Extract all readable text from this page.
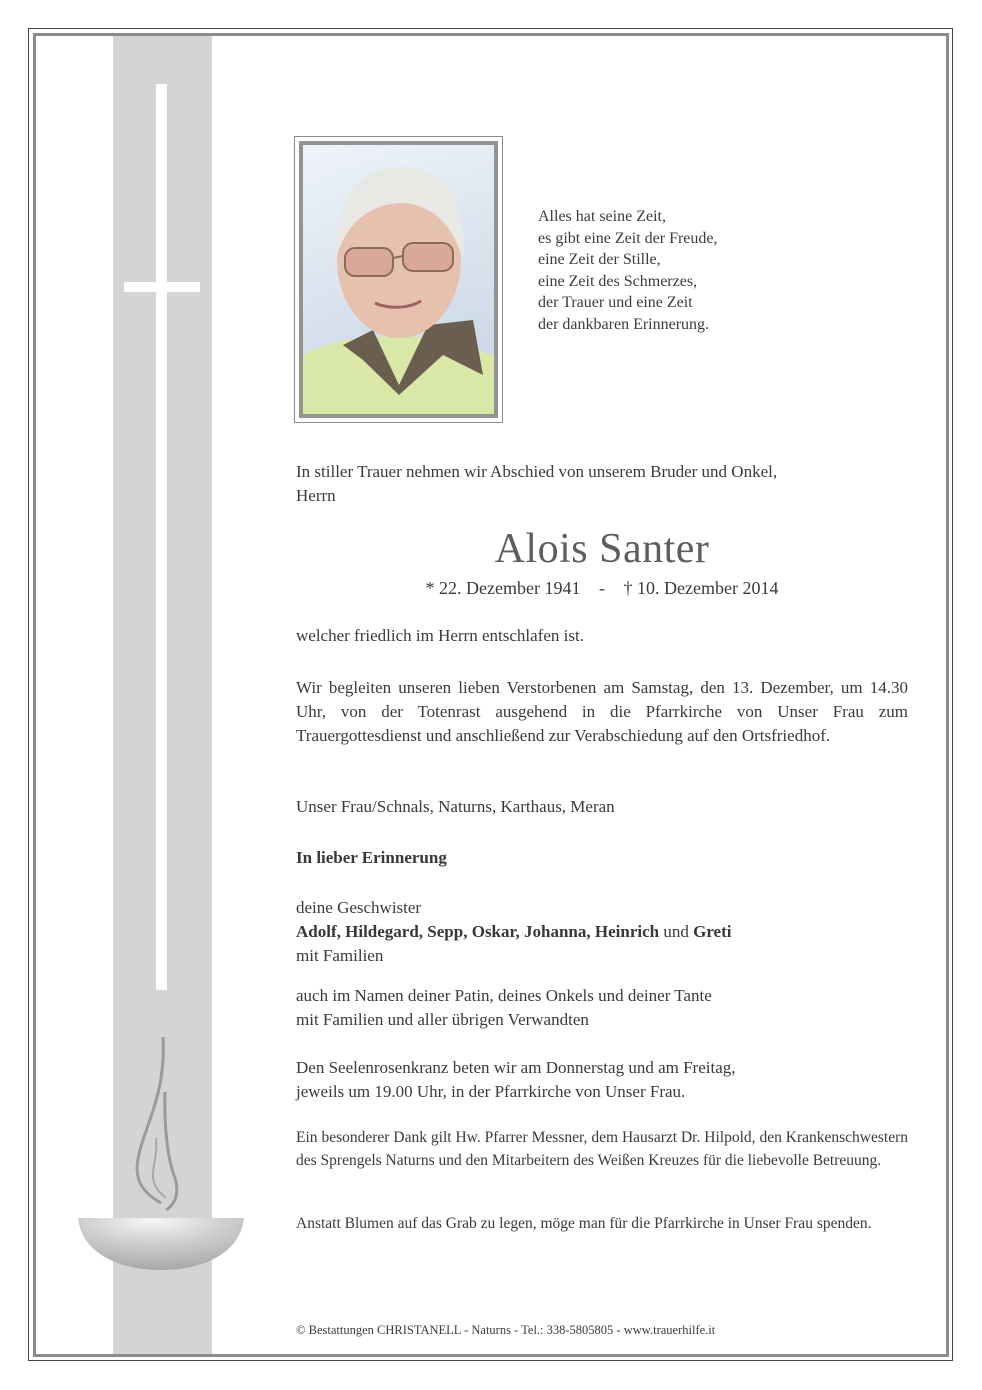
Alles hat seine Zeit,
es gibt eine Zeit der Freude,
eine Zeit der Stille,
eine Zeit des Schmerzes,
der Trauer und eine Zeit
der dankbaren Erinnerung.
In stiller Trauer nehmen wir Abschied von unserem Bruder und Onkel,
Herrn
Alois Santer
* 22. Dezember 1941 - † 10. Dezember 2014
welcher friedlich im Herrn entschlafen ist.
Wir begleiten unseren lieben Verstorbenen am Samstag, den 13. Dezember, um 14.30 Uhr, von der Totenrast ausgehend in die Pfarrkirche von Unser Frau zum Trauergottesdienst und anschließend zur Verabschiedung auf den Ortsfriedhof.
Unser Frau/Schnals, Naturns, Karthaus, Meran
In lieber Erinnerung
deine Geschwister
Adolf, Hildegard, Sepp, Oskar, Johanna, Heinrich und Greti
mit Familien
auch im Namen deiner Patin, deines Onkels und deiner Tante
mit Familien und aller übrigen Verwandten
Den Seelenrosenkranz beten wir am Donnerstag und am Freitag,
jeweils um 19.00 Uhr, in der Pfarrkirche von Unser Frau.
Ein besonderer Dank gilt Hw. Pfarrer Messner, dem Hausarzt Dr. Hilpold, den Krankenschwestern des Sprengels Naturns und den Mitarbeitern des Weißen Kreuzes für die liebevolle Betreuung.
Anstatt Blumen auf das Grab zu legen, möge man für die Pfarrkirche in Unser Frau spenden.
© Bestattungen CHRISTANELL - Naturns - Tel.: 338-5805805 - www.trauerhilfe.it
